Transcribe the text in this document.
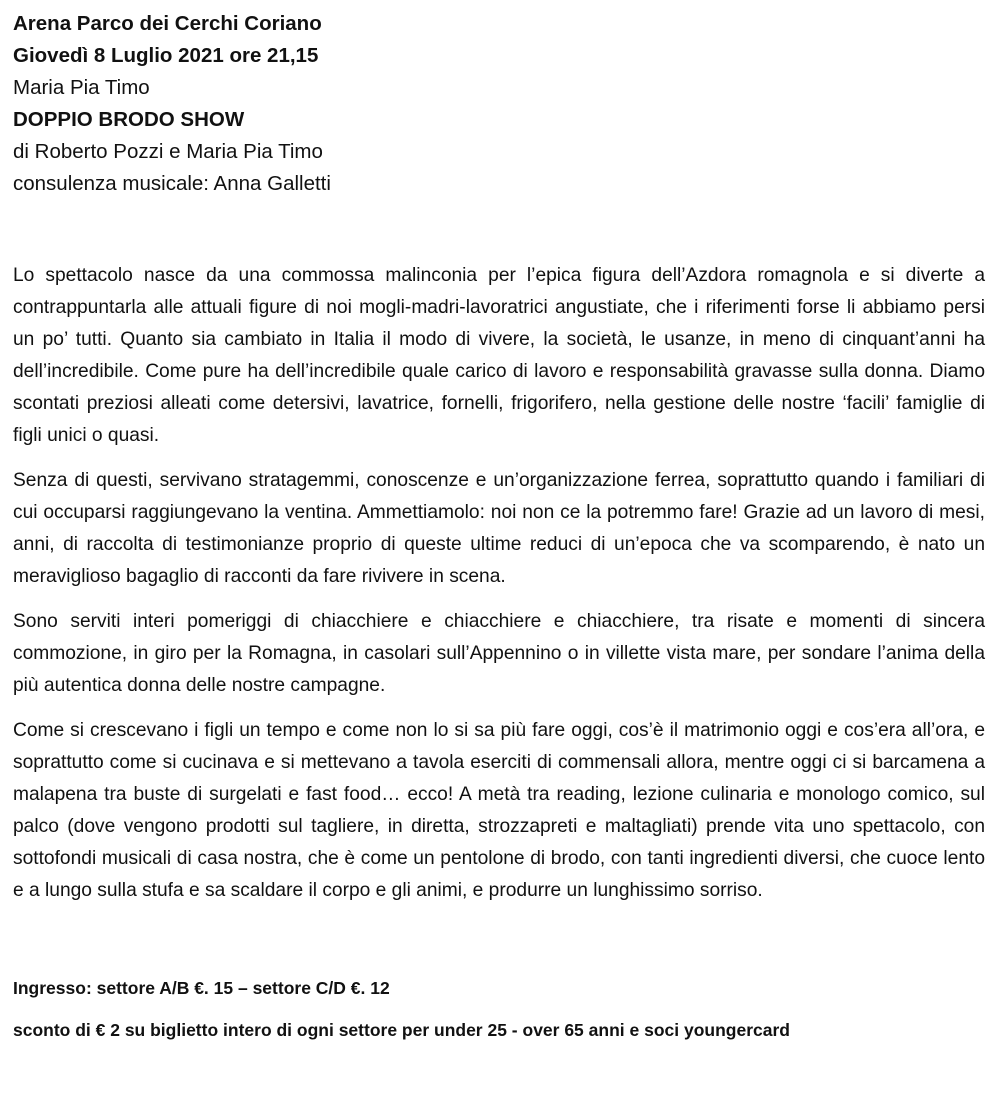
Arena Parco dei Cerchi Coriano
Giovedì 8 Luglio 2021 ore 21,15
Maria Pia Timo
DOPPIO BRODO SHOW
di Roberto Pozzi e Maria Pia Timo
consulenza musicale: Anna Galletti

Lo spettacolo nasce da una commossa malinconia per l’epica figura dell’Azdora romagnola e si diverte a contrappuntarla alle attuali figure di noi mogli-madri-lavoratrici angustiate, che i riferimenti forse li abbiamo persi un po’ tutti. Quanto sia cambiato in Italia il modo di vivere, la società, le usanze, in meno di cinquant’anni ha dell’incredibile. Come pure ha dell’incredibile quale carico di lavoro e responsabilità gravasse sulla donna. Diamo scontati preziosi alleati come detersivi, lavatrice, fornelli, frigorifero, nella gestione delle nostre ‘facili’ famiglie di figli unici o quasi.

Senza di questi, servivano stratagemmi, conoscenze e un’organizzazione ferrea, soprattutto quando i familiari di cui occuparsi raggiungevano la ventina. Ammettiamolo: noi non ce la potremmo fare! Grazie ad un lavoro di mesi, anni, di raccolta di testimonianze proprio di queste ultime reduci di un’epoca che va scomparendo, è nato un meraviglioso bagaglio di racconti da fare rivivere in scena.

Sono serviti interi pomeriggi di chiacchiere e chiacchiere e chiacchiere, tra risate e momenti di sincera commozione, in giro per la Romagna, in casolari sull’Appennino o in villette vista mare, per sondare l’anima della più autentica donna delle nostre campagne.

Come si crescevano i figli un tempo e come non lo si sa più fare oggi, cos’è il matrimonio oggi e cos’era all’ora, e soprattutto come si cucinava e si mettevano a tavola eserciti di commensali allora, mentre oggi ci si barcamena a malapena tra buste di surgelati e fast food… ecco! A metà tra reading, lezione culinaria e monologo comico, sul palco (dove vengono prodotti sul tagliere, in diretta, strozzapreti e maltagliati) prende vita uno spettacolo, con sottofondi musicali di casa nostra, che è come un pentolone di brodo, con tanti ingredienti diversi, che cuoce lento e a lungo sulla stufa e sa scaldare il corpo e gli animi, e produrre un lunghissimo sorriso.

Ingresso: settore A/B €. 15 – settore C/D €. 12
sconto di € 2 su biglietto intero di ogni settore per under 25 - over 65 anni e soci youngercard
